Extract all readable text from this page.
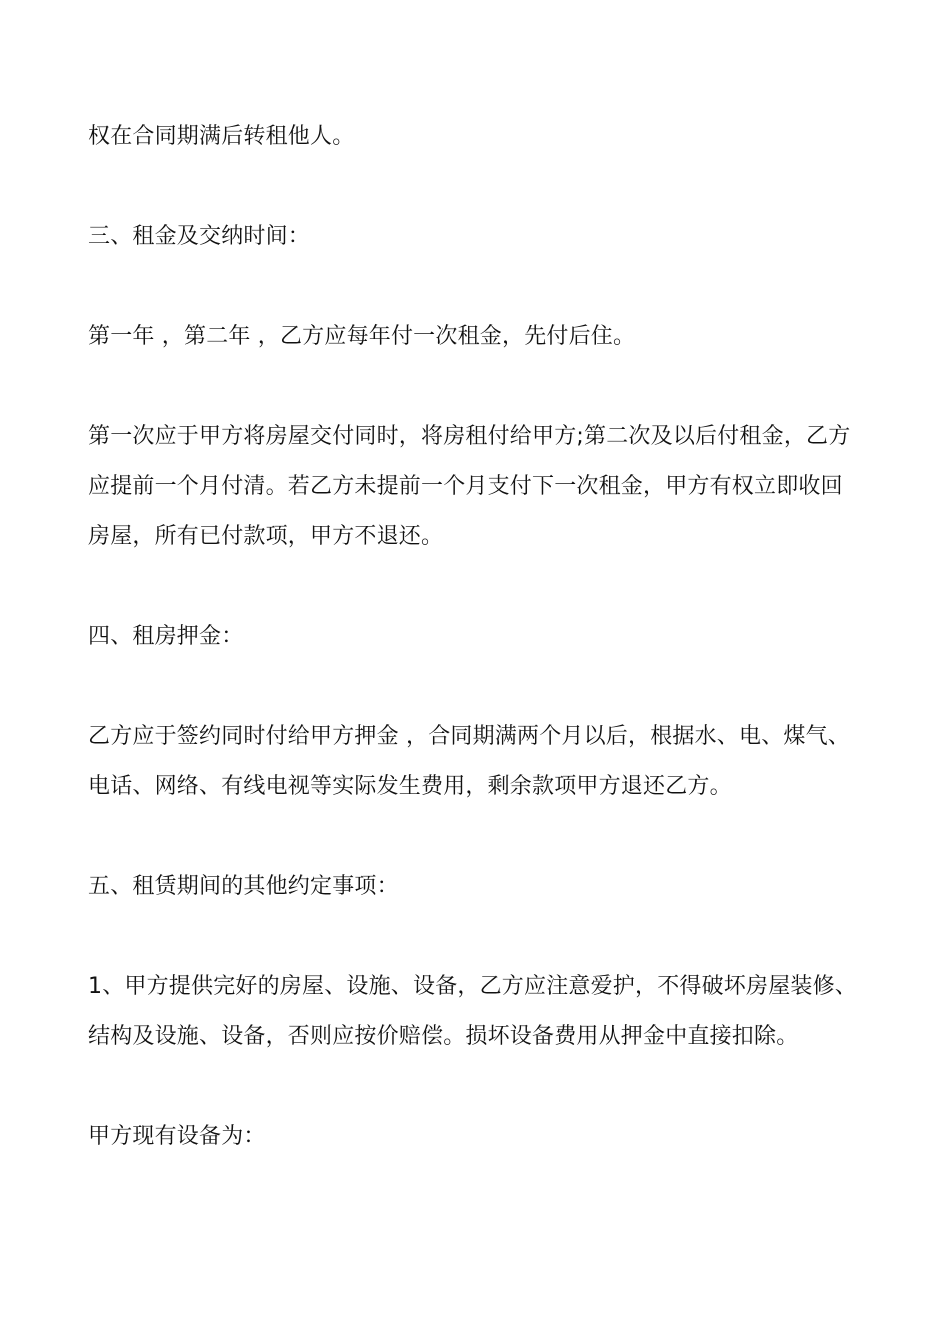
权在合同期满后转租他人。

三、租金及交纳时间：

第一年 ，第二年 ，乙方应每年付一次租金，先付后住。

第一次应于甲方将房屋交付同时，将房租付给甲方;第二次及以后付租金，乙方应提前一个月付清。若乙方未提前一个月支付下一次租金，甲方有权立即收回房屋，所有已付款项，甲方不退还。

四、租房押金：

乙方应于签约同时付给甲方押金 ，合同期满两个月以后，根据水、电、煤气、电话、网络、有线电视等实际发生费用，剩余款项甲方退还乙方。

五、租赁期间的其他约定事项：

1、甲方提供完好的房屋、设施、设备，乙方应注意爱护，不得破坏房屋装修、结构及设施、设备，否则应按价赔偿。损坏设备费用从押金中直接扣除。

甲方现有设备为：
